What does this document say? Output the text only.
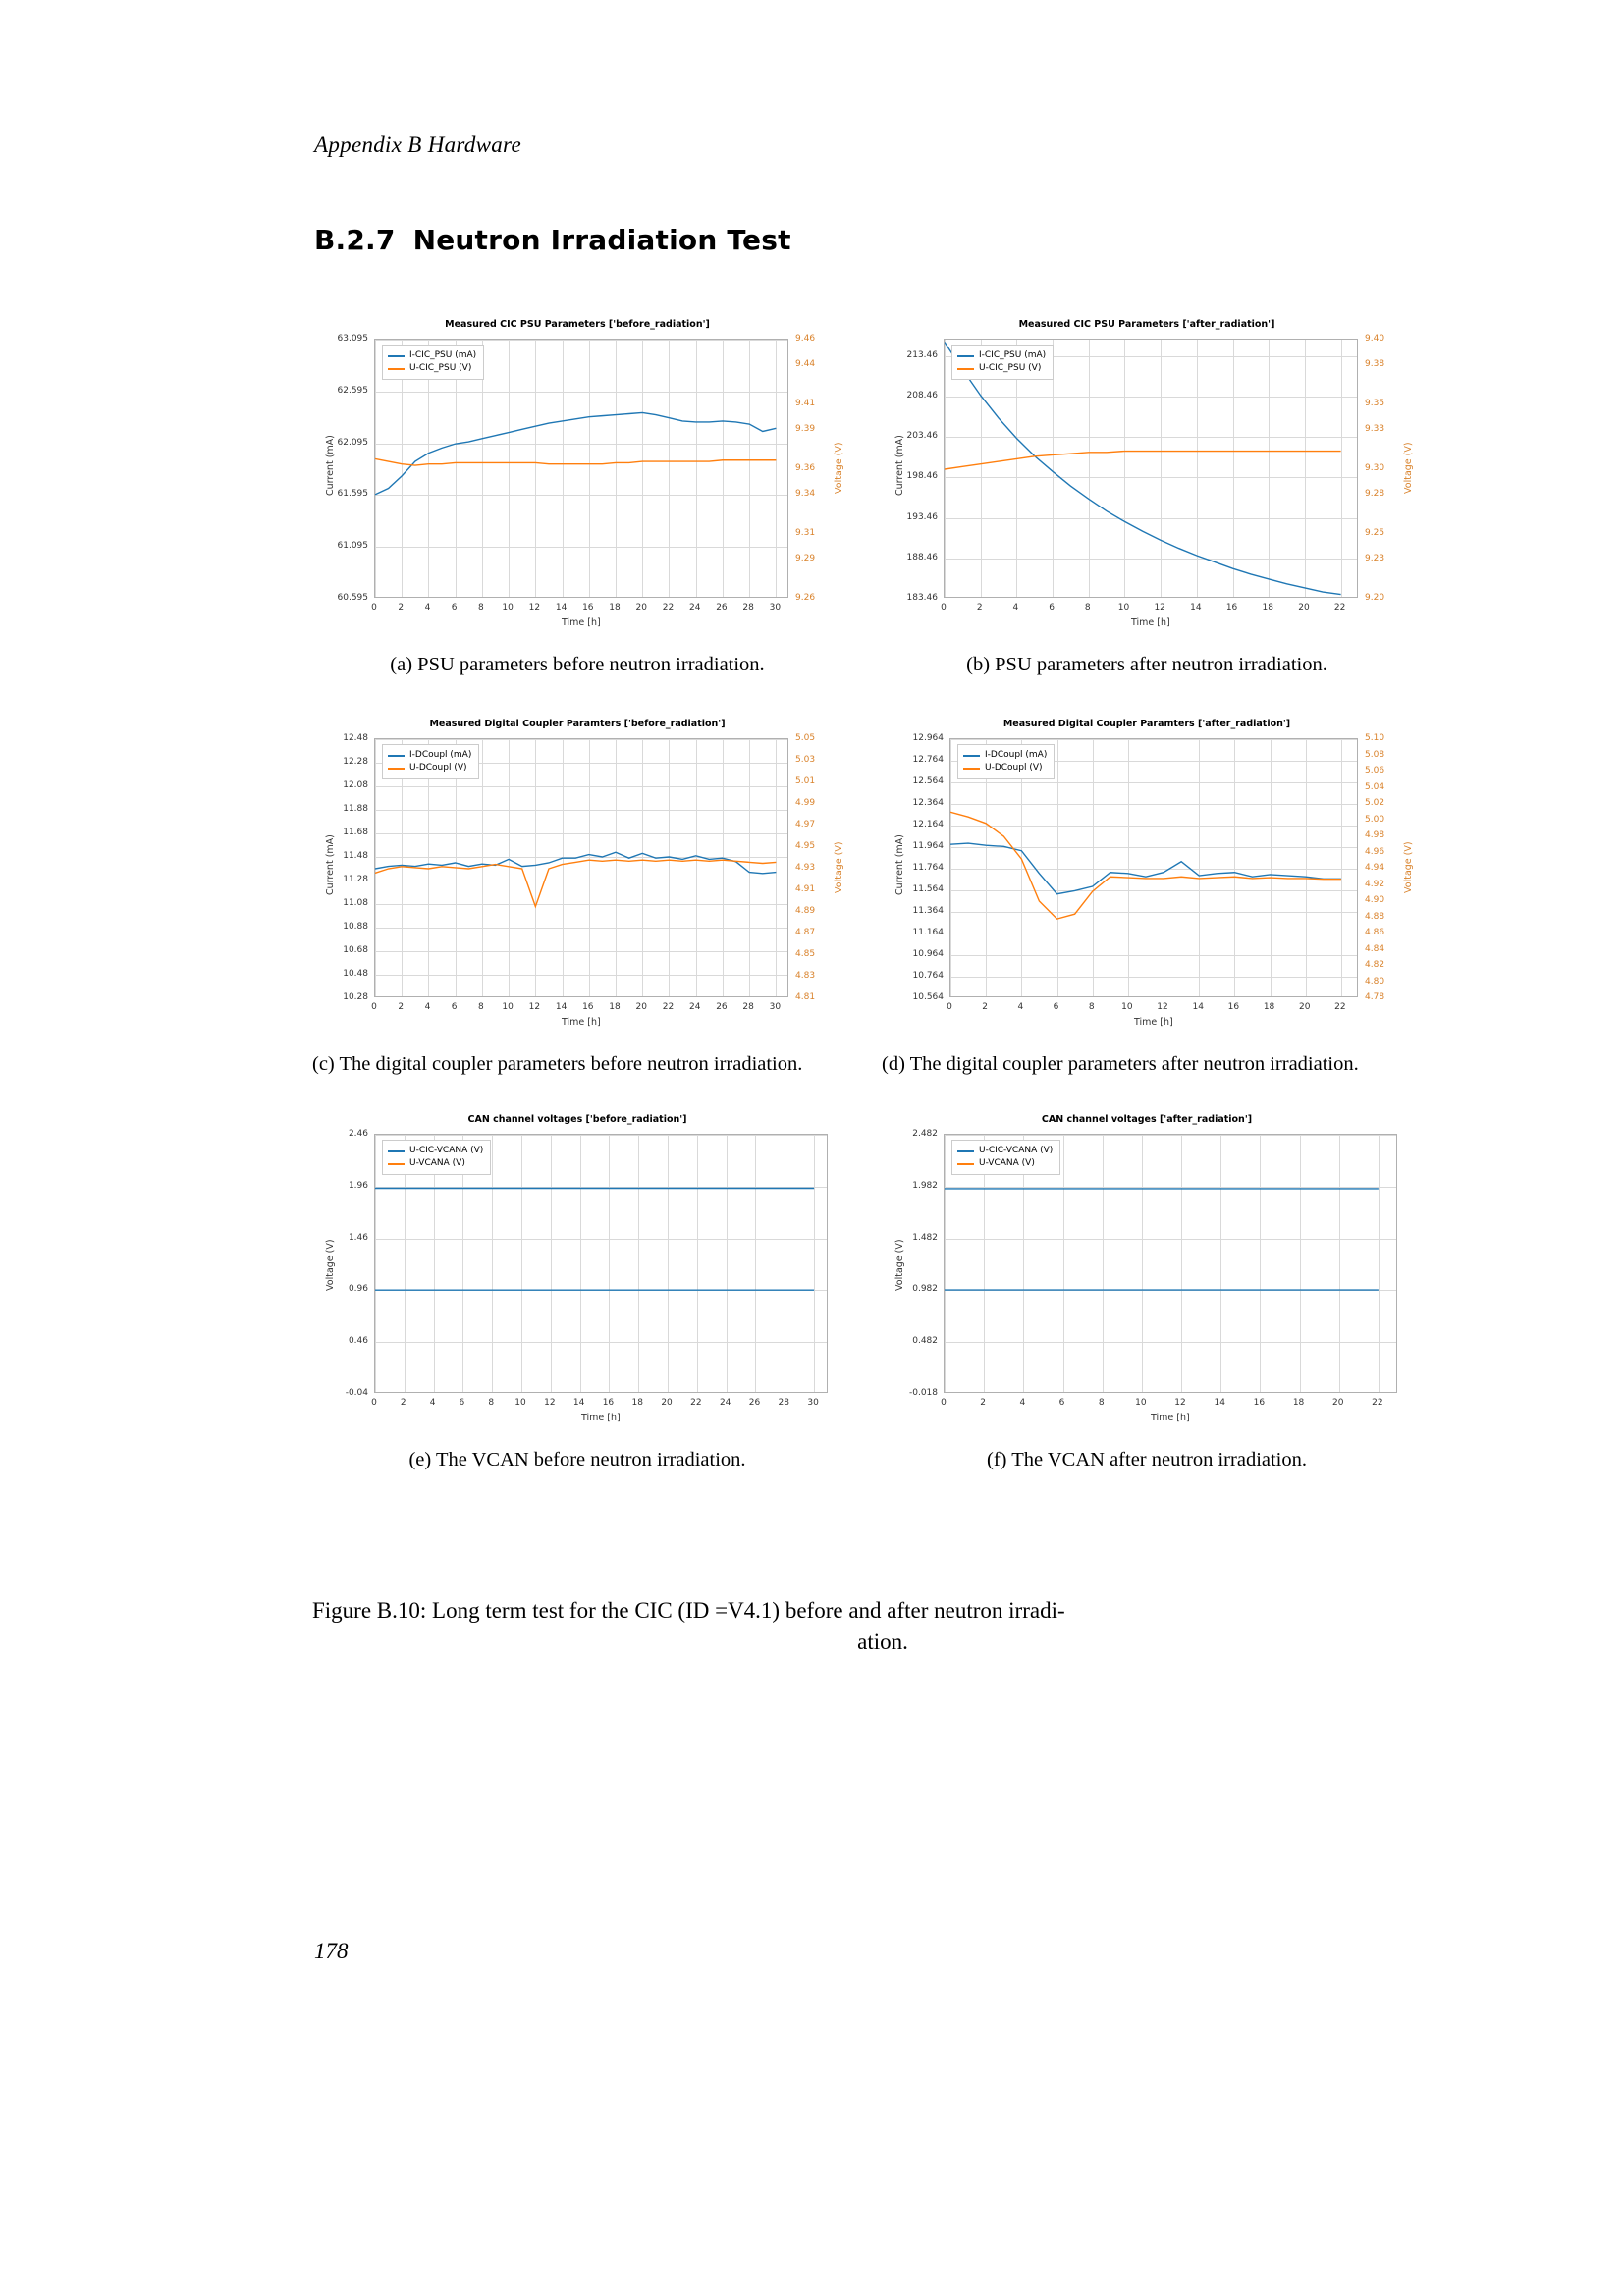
Appendix B Hardware
B.2.7 Neutron Irradiation Test
Measured CIC PSU Parameters ['before_radiation']
0 2 4 6 8 10 12 14 16 18 20 22 24 26 28 30
60.595
61.095
61.595
62.095
62.595
63.095
9.26
9.29
9.31
9.34
9.36
9.39
9.41
9.44
9.46
Time [h]
Current (mA)	Voltage (V)
I-CIC_PSU (mA)
U-CIC_PSU (V)
(a) PSU parameters before neutron irradiation.
Measured CIC PSU Parameters ['after_radiation']
0	2	4	6	8	10	12	14	16	18	20	22
183.46
188.46
193.46
198.46
203.46
208.46
213.46
9.20
9.23
9.25
9.28
9.30
9.33
9.35
9.38
9.40
Time [h]
Current (mA)	Voltage (V)
I-CIC_PSU (mA)
U-CIC_PSU (V)
(b) PSU parameters after neutron irradiation.
Measured Digital Coupler Paramters ['before_radiation']
0 2 4 6 8 10 12 14 16 18 20 22 24 26 28 30
10.28
10.48
10.68
10.88
11.08
11.28
11.48
11.68
11.88
12.08
12.28
12.48
4.81
4.83
4.85
4.87
4.89
4.91
4.93
4.95
4.97
4.99
5.01
5.03
5.05
Time [h]
Current (mA)	Voltage (V)
I-DCoupl (mA)
U-DCoupl (V)
(c) The digital coupler parameters before neutron irradiation.
Measured Digital Coupler Paramters ['after_radiation']
0	2	4	6	8	10	12	14	16	18	20	22
10.564
10.764
10.964
11.164
11.364
11.564
11.764
11.964
12.164
12.364
12.564
12.764
12.964
4.78
4.80
4.82
4.84
4.86
4.88
4.90
4.92
4.94
4.96
4.98
5.00
5.02
5.04
5.06
5.08
5.10
Time [h]
Current (mA)	Voltage (V)
I-DCoupl (mA)
U-DCoupl (V)
(d) The digital coupler parameters after neutron irradiation.
CAN channel voltages ['before_radiation']
0	2	4	6	8 10 12 14 16 18 20 22 24 26 28 30
-0.04
0.46
0.96
1.46
1.96
2.46
Time [h]
Voltage (V)
U-CIC-VCANA (V)
U-VCANA (V)
(e) The VCAN before neutron irradiation.
CAN channel voltages ['after_radiation']
0	2	4	6	8	10	12	14	16	18	20	22
-0.018
0.482
0.982
1.482
1.982
2.482
Time [h]
Voltage (V)
U-CIC-VCANA (V)
U-VCANA (V)
(f) The VCAN after neutron irradiation.
Figure B.10: Long term test for the CIC (ID =V4.1) before and after neutron irradi-
ation.
178
